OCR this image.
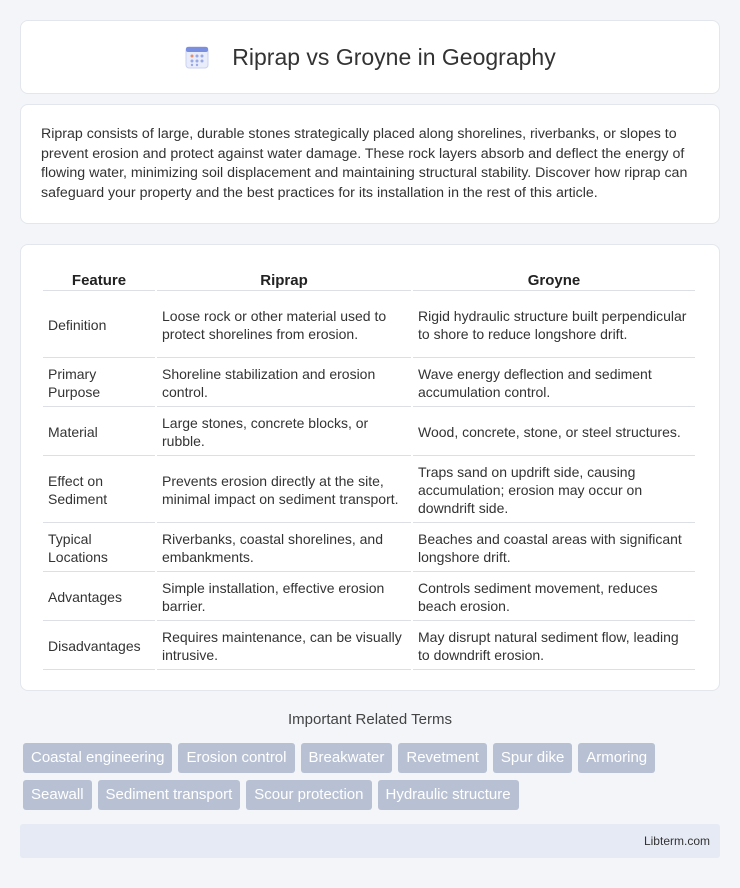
Riprap vs Groyne in Geography

Riprap consists of large, durable stones strategically placed along shorelines, riverbanks, or slopes to prevent erosion and protect against water damage. These rock layers absorb and deflect the energy of flowing water, minimizing soil displacement and maintaining structural stability. Discover how riprap can safeguard your property and the best practices for its installation in the rest of this article.

Feature	Riprap	Groyne
Definition	Loose rock or other material used to protect shorelines from erosion.	Rigid hydraulic structure built perpendicular to shore to reduce longshore drift.
Primary Purpose	Shoreline stabilization and erosion control.	Wave energy deflection and sediment accumulation control.
Material	Large stones, concrete blocks, or rubble.	Wood, concrete, stone, or steel structures.
Effect on Sediment	Prevents erosion directly at the site, minimal impact on sediment transport.	Traps sand on updrift side, causing accumulation; erosion may occur on downdrift side.
Typical Locations	Riverbanks, coastal shorelines, and embankments.	Beaches and coastal areas with significant longshore drift.
Advantages	Simple installation, effective erosion barrier.	Controls sediment movement, reduces beach erosion.
Disadvantages	Requires maintenance, can be visually intrusive.	May disrupt natural sediment flow, leading to downdrift erosion.
Important Related Terms
Coastal engineering	Erosion control	Breakwater	Revetment	Spur dike	Armoring
Seawall	Sediment transport	Scour protection	Hydraulic structure
Libterm.com
